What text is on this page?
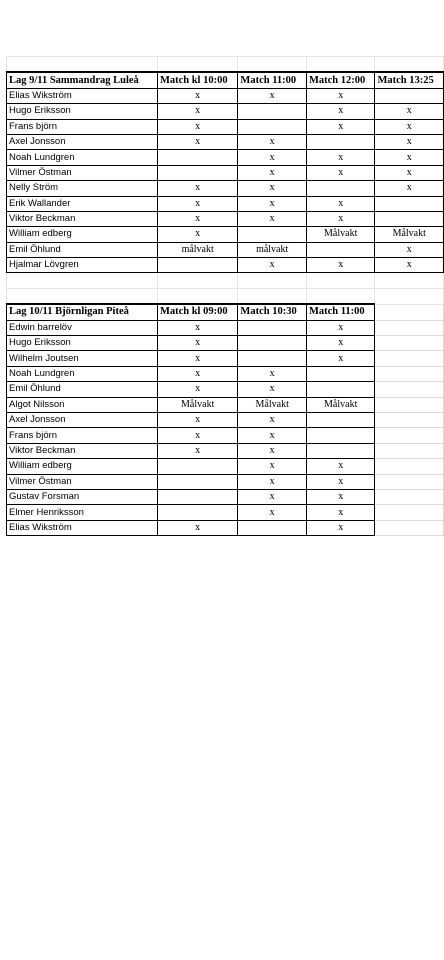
Lag 9/11 Sammandrag Luleå	Match kl 10:00	Match 11:00	Match 12:00	Match 13:25
Elias Wikström	x	x	x	
Hugo Eriksson	x		x	x
Frans björn	x		x	x
Axel Jonsson	x	x		x
Noah Lundgren		x	x	x
Vilmer Östman		x	x	x
Nelly Ström	x	x		x
Erik Wallander	x	x	x	
Viktor Beckman	x	x	x	
William edberg	x		Målvakt	Målvakt
Emil Öhlund	målvakt	målvakt		x
Hjalmar Lövgren		x	x	x

Lag 10/11 Björnligan Piteå	Match kl 09:00	Match 10:30	Match 11:00	
Edwin barrelöv	x		x	
Hugo Eriksson	x		x	
Wilhelm Joutsen	x		x	
Noah Lundgren	x	x		
Emil Öhlund	x	x		
Algot Nilsson	Målvakt	Målvakt	Målvakt	
Axel Jonsson	x	x		
Frans björn	x	x		
Viktor Beckman	x	x		
William edberg		x	x	
Vilmer Östman		x	x	
Gustav Forsman		x	x	
Elmer Henriksson		x	x	
Elias Wikström	x		x	
